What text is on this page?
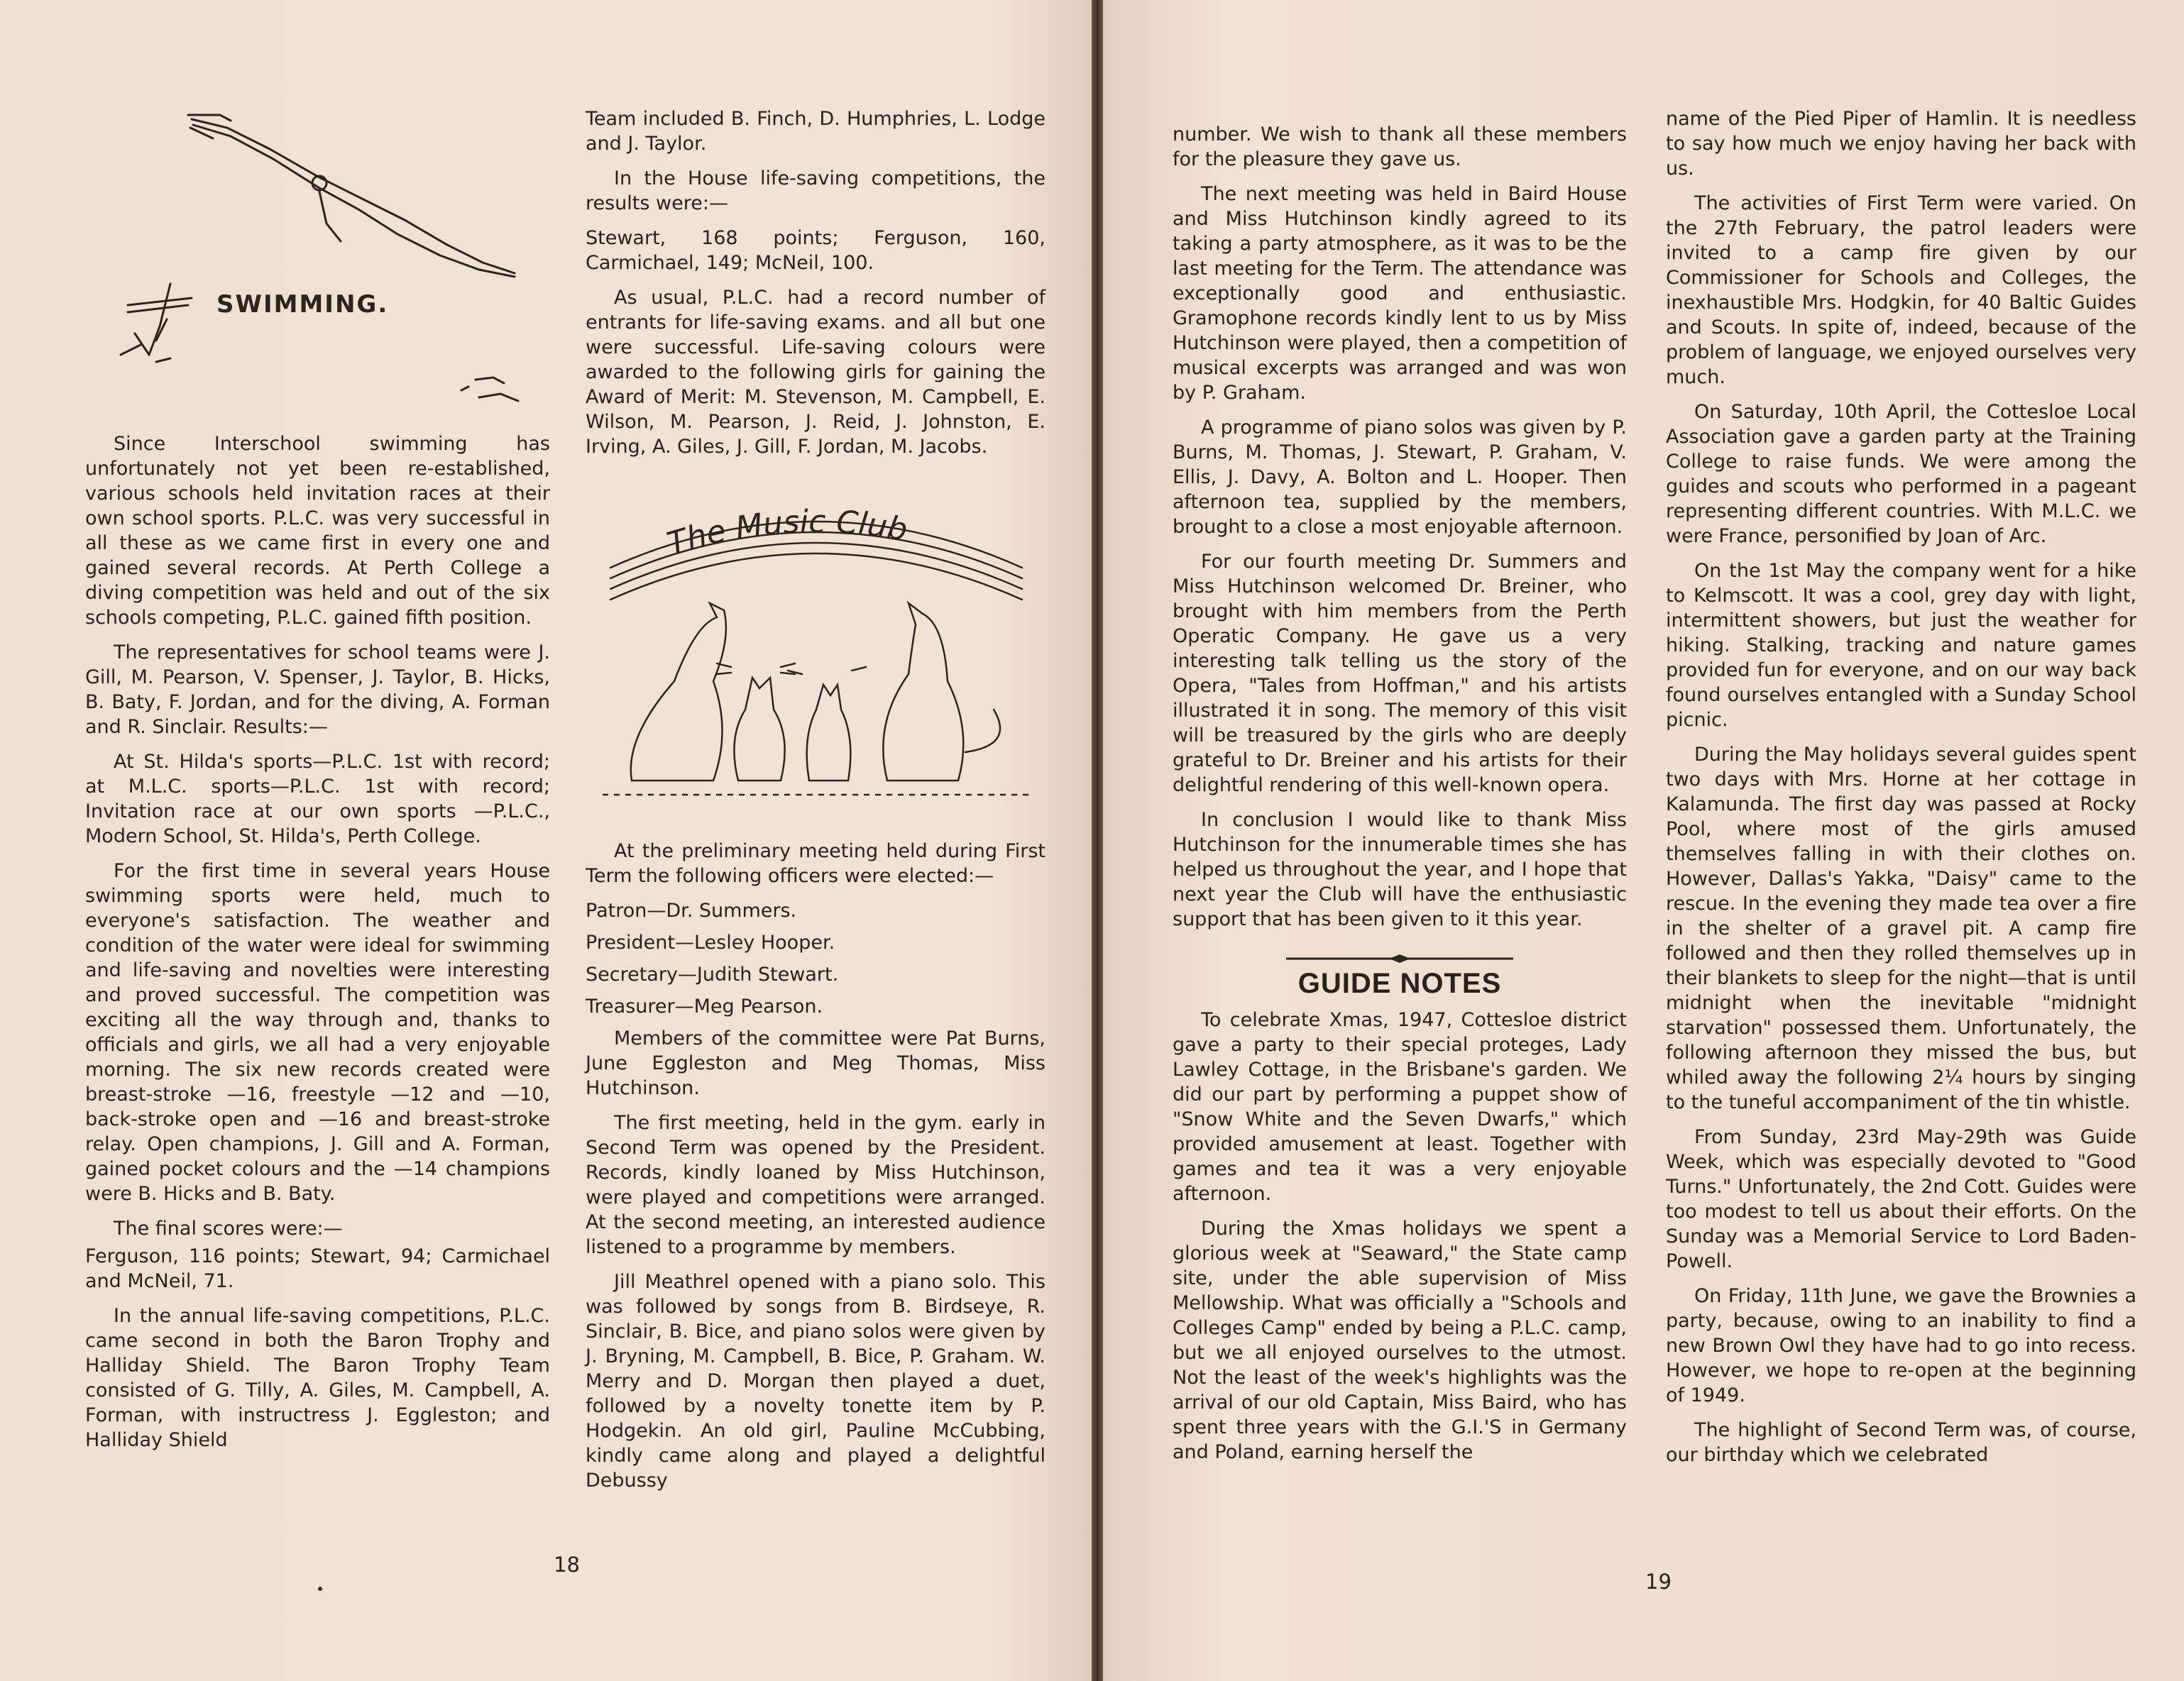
SWIMMING.

Since Interschool swimming has unfortunately not yet been re-established, various schools held invitation races at their own school sports. P.L.C. was very successful in all these as we came first in every one and gained several records. At Perth College a diving competition was held and out of the six schools competing, P.L.C. gained fifth position.

The representatives for school teams were J. Gill, M. Pearson, V. Spenser, J. Taylor, B. Hicks, B. Baty, F. Jordan, and for the diving, A. Forman and R. Sinclair. Results:—

At St. Hilda's sports—P.L.C. 1st with record; at M.L.C. sports—P.L.C. 1st with record; Invitation race at our own sports —P.L.C., Modern School, St. Hilda's, Perth College.

For the first time in several years House swimming sports were held, much to everyone's satisfaction. The weather and condition of the water were ideal for swimming and life-saving and novelties were interesting and proved successful. The competition was exciting all the way through and, thanks to officials and girls, we all had a very enjoyable morning. The six new records created were breast-stroke —16, freestyle —12 and —10, back-stroke open and —16 and breast-stroke relay. Open champions, J. Gill and A. Forman, gained pocket colours and the —14 champions were B. Hicks and B. Baty.

The final scores were:—

Ferguson, 116 points; Stewart, 94; Carmichael and McNeil, 71.

In the annual life-saving competitions, P.L.C. came second in both the Baron Trophy and Halliday Shield. The Baron Trophy Team consisted of G. Tilly, A. Giles, M. Campbell, A. Forman, with instructress J. Eggleston; and Halliday Shield

Team included B. Finch, D. Humphries, L. Lodge and J. Taylor.

In the House life-saving competitions, the results were:—

Stewart, 168 points; Ferguson, 160, Carmichael, 149; McNeil, 100.

As usual, P.L.C. had a record number of entrants for life-saving exams. and all but one were successful. Life-saving colours were awarded to the following girls for gaining the Award of Merit: M. Stevenson, M. Campbell, E. Wilson, M. Pearson, J. Reid, J. Johnston, E. Irving, A. Giles, J. Gill, F. Jordan, M. Jacobs.

The Music Club

At the preliminary meeting held during First Term the following officers were elected:—

Patron—Dr. Summers.

President—Lesley Hooper.

Secretary—Judith Stewart.

Treasurer—Meg Pearson.

Members of the committee were Pat Burns, June Eggleston and Meg Thomas, Miss Hutchinson.

The first meeting, held in the gym. early in Second Term was opened by the President. Records, kindly loaned by Miss Hutchinson, were played and competitions were arranged. At the second meeting, an interested audience listened to a programme by members.

Jill Meathrel opened with a piano solo. This was followed by songs from B. Birdseye, R. Sinclair, B. Bice, and piano solos were given by J. Bryning, M. Campbell, B. Bice, P. Graham. W. Merry and D. Morgan then played a duet, followed by a novelty tonette item by P. Hodgekin. An old girl, Pauline McCubbing, kindly came along and played a delightful Debussy

18

number. We wish to thank all these members for the pleasure they gave us.

The next meeting was held in Baird House and Miss Hutchinson kindly agreed to its taking a party atmosphere, as it was to be the last meeting for the Term. The attendance was exceptionally good and enthusiastic. Gramophone records kindly lent to us by Miss Hutchinson were played, then a competition of musical excerpts was arranged and was won by P. Graham.

A programme of piano solos was given by P. Burns, M. Thomas, J. Stewart, P. Graham, V. Ellis, J. Davy, A. Bolton and L. Hooper. Then afternoon tea, supplied by the members, brought to a close a most enjoyable afternoon.

For our fourth meeting Dr. Summers and Miss Hutchinson welcomed Dr. Breiner, who brought with him members from the Perth Operatic Company. He gave us a very interesting talk telling us the story of the Opera, "Tales from Hoffman," and his artists illustrated it in song. The memory of this visit will be treasured by the girls who are deeply grateful to Dr. Breiner and his artists for their delightful rendering of this well-known opera.

In conclusion I would like to thank Miss Hutchinson for the innumerable times she has helped us throughout the year, and I hope that next year the Club will have the enthusiastic support that has been given to it this year.

GUIDE NOTES

To celebrate Xmas, 1947, Cottesloe district gave a party to their special proteges, Lady Lawley Cottage, in the Brisbane's garden. We did our part by performing a puppet show of "Snow White and the Seven Dwarfs," which provided amusement at least. Together with games and tea it was a very enjoyable afternoon.

During the Xmas holidays we spent a glorious week at "Seaward," the State camp site, under the able supervision of Miss Mellowship. What was officially a "Schools and Colleges Camp" ended by being a P.L.C. camp, but we all enjoyed ourselves to the utmost. Not the least of the week's highlights was the arrival of our old Captain, Miss Baird, who has spent three years with the G.I.'S in Germany and Poland, earning herself the

name of the Pied Piper of Hamlin. It is needless to say how much we enjoy having her back with us.

The activities of First Term were varied. On the 27th February, the patrol leaders were invited to a camp fire given by our Commissioner for Schools and Colleges, the inexhaustible Mrs. Hodgkin, for 40 Baltic Guides and Scouts. In spite of, indeed, because of the problem of language, we enjoyed ourselves very much.

On Saturday, 10th April, the Cottesloe Local Association gave a garden party at the Training College to raise funds. We were among the guides and scouts who performed in a pageant representing different countries. With M.L.C. we were France, personified by Joan of Arc.

On the 1st May the company went for a hike to Kelmscott. It was a cool, grey day with light, intermittent showers, but just the weather for hiking. Stalking, tracking and nature games provided fun for everyone, and on our way back found ourselves entangled with a Sunday School picnic.

During the May holidays several guides spent two days with Mrs. Horne at her cottage in Kalamunda. The first day was passed at Rocky Pool, where most of the girls amused themselves falling in with their clothes on. However, Dallas's Yakka, "Daisy" came to the rescue. In the evening they made tea over a fire in the shelter of a gravel pit. A camp fire followed and then they rolled themselves up in their blankets to sleep for the night—that is until midnight when the inevitable "midnight starvation" possessed them. Unfortunately, the following afternoon they missed the bus, but whiled away the following 2¼ hours by singing to the tuneful accompaniment of the tin whistle.

From Sunday, 23rd May-29th was Guide Week, which was especially devoted to "Good Turns." Unfortunately, the 2nd Cott. Guides were too modest to tell us about their efforts. On the Sunday was a Memorial Service to Lord Baden-Powell.

On Friday, 11th June, we gave the Brownies a party, because, owing to an inability to find a new Brown Owl they have had to go into recess. However, we hope to re-open at the beginning of 1949.

The highlight of Second Term was, of course, our birthday which we celebrated

19
